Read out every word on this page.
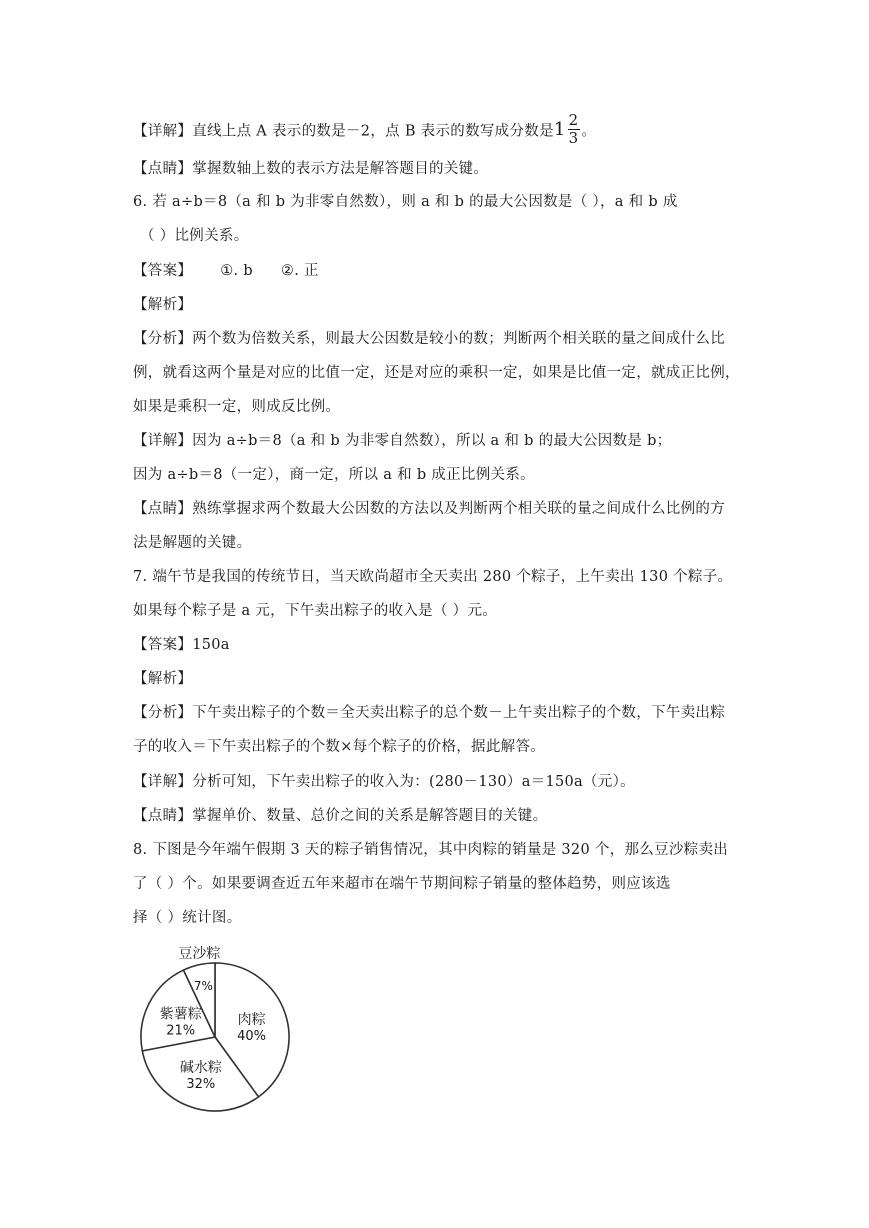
【详解】直线上点 A 表示的数是－2，点 B 表示的数写成分数是$1 \frac{2}{3}$ 。
【点睛】掌握数轴上数的表示方法是解答题目的关键。
6. 若 a÷b＝8（a 和 b 为非零自然数），则 a 和 b 的最大公因数是（ ），a 和 b 成
（ ）比例关系。
【答案】 ①. b ②. 正
【解析】
【分析】两个数为倍数关系，则最大公因数是较小的数；判断两个相关联的量之间成什么比
例，就看这两个量是对应的比值一定，还是对应的乘积一定，如果是比值一定，就成正比例，
如果是乘积一定，则成反比例。
【详解】因为 a÷b＝8（a 和 b 为非零自然数），所以 a 和 b 的最大公因数是 b；
因为 a÷b＝8（一定），商一定，所以 a 和 b 成正比例关系。
【点睛】熟练掌握求两个数最大公因数的方法以及判断两个相关联的量之间成什么比例的方
法是解题的关键。
7. 端午节是我国的传统节日，当天欧尚超市全天卖出 280 个粽子，上午卖出 130 个粽子。
如果每个粽子是 a 元，下午卖出粽子的收入是（ ）元。
【答案】150a
【解析】
【分析】下午卖出粽子的个数＝全天卖出粽子的总个数－上午卖出粽子的个数，下午卖出粽
子的收入＝下午卖出粽子的个数×每个粽子的价格，据此解答。
【详解】分析可知，下午卖出粽子的收入为：(280－130）a＝150a（元）。
【点睛】掌握单价、数量、总价之间的关系是解答题目的关键。
8. 下图是今年端午假期 3 天的粽子销售情况，其中肉粽的销量是 320 个，那么豆沙粽卖出
了（ ）个。如果要调查近五年来超市在端午节期间粽子销量的整体趋势，则应该选
择（ ）统计图。
肉粽
40%
碱水粽
32%
紫薯粽
21%
7%
豆沙粽
